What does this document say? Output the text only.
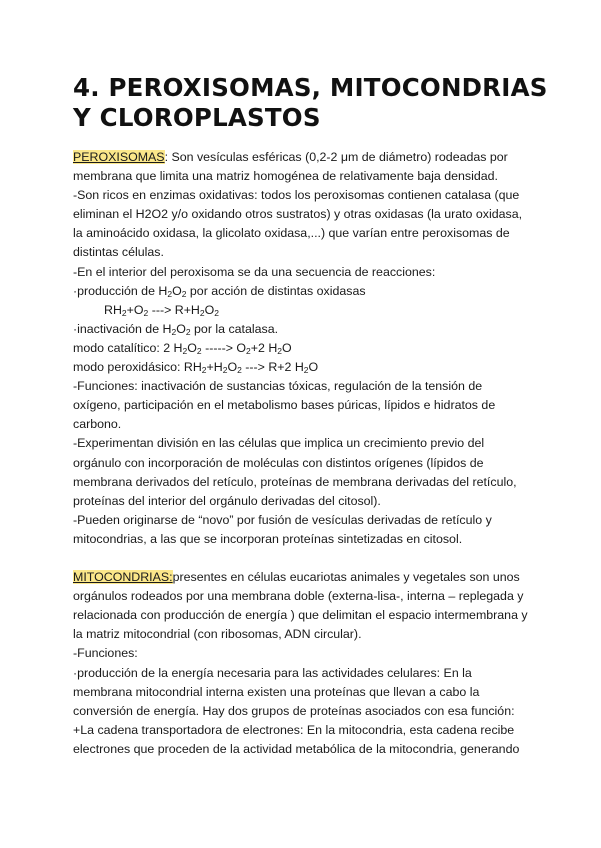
4. PEROXISOMAS, MITOCONDRIAS
Y CLOROPLASTOS
PEROXISOMAS: Son vesículas esféricas (0,2-2 μm de diámetro) rodeadas por
membrana que limita una matriz homogénea de relativamente baja densidad.
-Son ricos en enzimas oxidativas: todos los peroxisomas contienen catalasa (que
eliminan el H2O2 y/o oxidando otros sustratos) y otras oxidasas (la urato oxidasa,
la aminoácido oxidasa, la glicolato oxidasa,...) que varían entre peroxisomas de
distintas células.
-En el interior del peroxisoma se da una secuencia de reacciones:
·producción de $H_2O_2$ por acción de distintas oxidasas
$RH_2+O_2$ ---> $R+H_2O_2$
·inactivación de $H_2O_2$ por la catalasa.
modo catalítico: 2 $H_2O_2$ -----> $O_2+2$ $H_2O$
modo peroxidásico: $RH_2+H_2O_2$ ---> R+2 $H_2O$
-Funciones: inactivación de sustancias tóxicas, regulación de la tensión de
oxígeno, participación en el metabolismo bases púricas, lípidos e hidratos de
carbono.
-Experimentan división en las células que implica un crecimiento previo del
orgánulo con incorporación de moléculas con distintos orígenes (lípidos de
membrana derivados del retículo, proteínas de membrana derivadas del retículo,
proteínas del interior del orgánulo derivadas del citosol).
-Pueden originarse de “novo” por fusión de vesículas derivadas de retículo y
mitocondrias, a las que se incorporan proteínas sintetizadas en citosol.
MITOCONDRIAS:presentes en células eucariotas animales y vegetales son unos
orgánulos rodeados por una membrana doble (externa-lisa-, interna – replegada y
relacionada con producción de energía ) que delimitan el espacio intermembrana y
la matriz mitocondrial (con ribosomas, ADN circular).
-Funciones:
·producción de la energía necesaria para las actividades celulares: En la
membrana mitocondrial interna existen una proteínas que llevan a cabo la
conversión de energía. Hay dos grupos de proteínas asociados con esa función:
+La cadena transportadora de electrones: En la mitocondria, esta cadena recibe
electrones que proceden de la actividad metabólica de la mitocondria, generando
